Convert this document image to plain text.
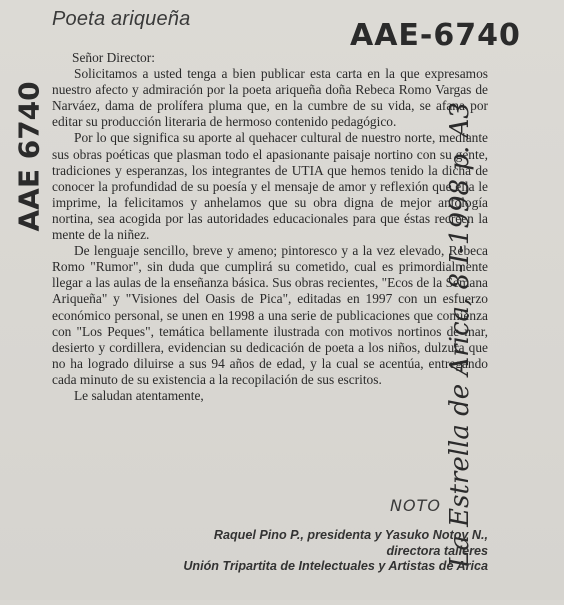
Poeta ariqueña	AAE-6740
AAE 6740	La Estrella de Arica, 8-I-1998 p. A3

Señor Director:

Solicitamos a usted tenga a bien publicar esta carta en la que expresamos nuestro afecto y admiración por la poeta ariqueña doña Rebeca Romo Vargas de Narváez, dama de prolífera pluma que, en la cumbre de su vida, se afana por editar su producción literaria de hermoso contenido pedagógico.

Por lo que significa su aporte al quehacer cultural de nuestro norte, mediante sus obras poéticas que plasman todo el apasionante paisaje nortino con su gente, tradiciones y esperanzas, los integrantes de UTIA que hemos tenido la dicha de conocer la profundidad de su poesía y el mensaje de amor y reflexión que ella le imprime, la felicitamos y anhelamos que su obra digna de mejor antología nortina, sea acogida por las autoridades educacionales para que éstas recreen la mente de la niñez.

De lenguaje sencillo, breve y ameno; pintoresco y a la vez elevado, Rebeca Romo "Rumor", sin duda que cumplirá su cometido, cual es primordialmente llegar a las aulas de la enseñanza básica. Sus obras recientes, "Ecos de la Semana Ariqueña" y "Visiones del Oasis de Pica", editadas en 1997 con un esfuerzo económico personal, se unen en 1998 a una serie de publicaciones que comienza con "Los Peques", temática bellamente ilustrada con motivos nortinos de mar, desierto y cordillera, evidencian su dedicación de poeta a los niños, dulzura que no ha logrado diluirse a sus 94 años de edad, y la cual se acentúa, entregando cada minuto de su existencia a la recopilación de sus escritos.

Le saludan atentamente,

NOTO
Raquel Pino P., presidenta y Yasuko Notoy N.,
directora talleres
Unión Tripartita de Intelectuales y Artistas de Arica
